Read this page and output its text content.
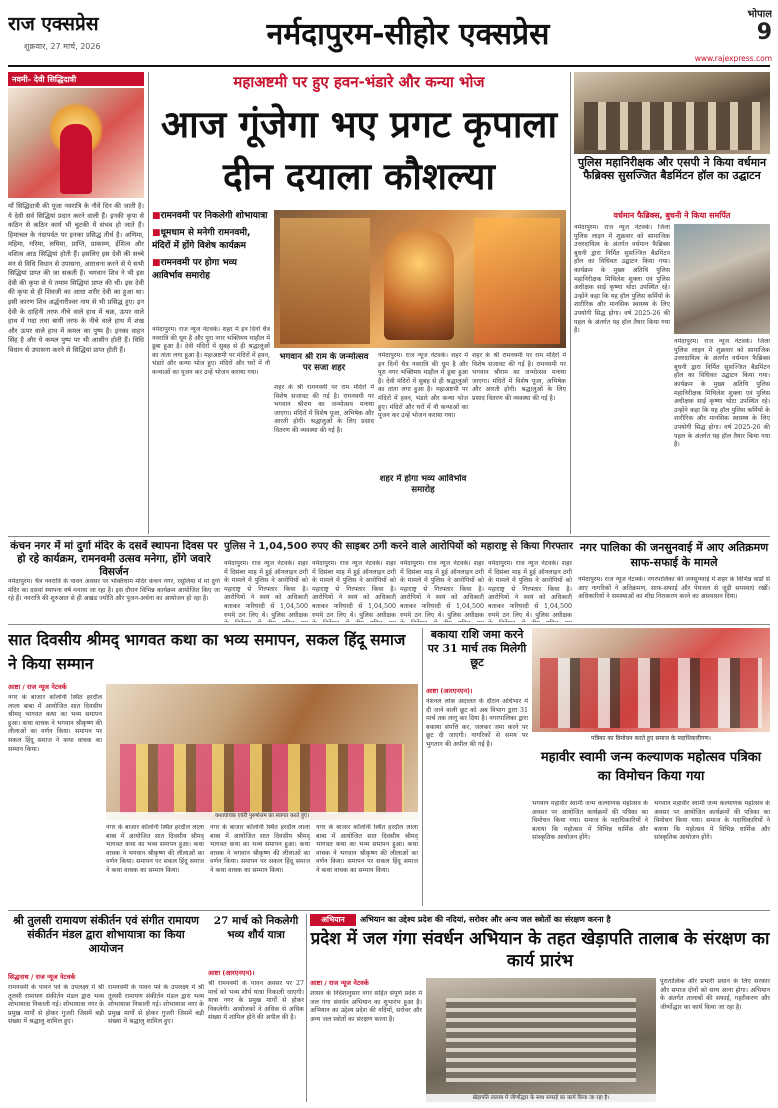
राज एक्सप्रेस
शुक्रवार, 27 मार्च, 2026	नर्मदापुरम-सीहोर एक्सप्रेस
भोपाल
9
www.rajexpress.com
नवमी- देवी सिद्धिदात्री
माँ सिद्धिदात्री की पूजा नवरात्रि के नौवें दिन की जाती है। ये देवी सर्व सिद्धियां प्रदान करने वाली हैं। इनकी कृपा से कठिन से कठिन कार्य भी चुटकी में संभव हो जाते हैं। हिमाचल के नंदापर्वत पर इनका प्रसिद्ध तीर्थ है। अणिमा, महिमा, गरिमा, लघिमा, प्राप्ति, प्राकाम्य, ईशित्व और वशित्व आठ सिद्धियां होती हैं। इसलिए इस देवी की सच्चे मन से विधि विधान से उपासना, आराधना करने से ये सभी सिद्धियां प्राप्त की जा सकती हैं। भगवान शिव ने भी इस देवी की कृपा से ये तमाम सिद्धियां प्राप्त की थीं। इस देवी की कृपा से ही शिवजी का आधा शरीर देवी का हुआ था। इसी कारण शिव अर्द्धनारीश्वर नाम से भी प्रसिद्ध हुए। इन देवी के दाहिनी तरफ नीचे वाले हाथ में चक्र, ऊपर वाले हाथ में गदा तथा बायीं तरफ के नीचे वाले हाथ में शंख और ऊपर वाले हाथ में कमल का पुष्प है। इनका वाहन सिंह है और ये कमल पुष्प पर भी आसीन होती हैं। विधि विधान से उपासना करने से सिद्धियां प्राप्त होती हैं।
महाअष्टमी पर हुए हवन-भंडारे और कन्या भोज
आज गूंजेगा भए प्रगट कृपाला दीन दयाला कौशल्या
■ रामनवमी पर निकलेगी शोभायात्रा
■ धूमधाम से मनेगी रामनवमी, मंदिरों में होंगे विशेष कार्यक्रम
■ रामनवमी पर होगा भव्य आविर्भाव समारोह
नर्मदापुरम। राज न्यूज नेटवर्क। शहर में इन दिनों चैत्र नवरात्रि की धूम है और पूरा नगर भक्तिमय माहौल में डूबा हुआ है। देवी मंदिरों में सुबह से ही श्रद्धालुओं का तांता लगा हुआ है। महाअष्टमी पर मंदिरों में हवन, भंडारे और कन्या भोज हुए। मंदिरों और घरों में नौ कन्याओं का पूजन कर उन्हें भोजन कराया गया।
भगवान श्री राम के जन्मोत्सव पर सजा शहर
शहर के श्री रामनवमी पर राम मंदिरों में विशेष सजावट की गई है। रामनवमी पर भगवान श्रीराम का जन्मोत्सव मनाया जाएगा। मंदिरों में विशेष पूजा, अभिषेक और आरती होगी। श्रद्धालुओं के लिए प्रसाद वितरण की व्यवस्था की गई है।
नर्मदापुरम। राज न्यूज नेटवर्क। शहर में इन दिनों चैत्र नवरात्रि की धूम है और पूरा नगर भक्तिमय माहौल में डूबा हुआ है। देवी मंदिरों में सुबह से ही श्रद्धालुओं का तांता लगा हुआ है। महाअष्टमी पर मंदिरों में हवन, भंडारे और कन्या भोज हुए। मंदिरों और घरों में नौ कन्याओं का पूजन कर उन्हें भोजन कराया गया।
शहर में होगा भव्य आविर्भाव समारोह
शहर के श्री रामनवमी पर राम मंदिरों में विशेष सजावट की गई है। रामनवमी पर भगवान श्रीराम का जन्मोत्सव मनाया जाएगा। मंदिरों में विशेष पूजा, अभिषेक और आरती होगी। श्रद्धालुओं के लिए प्रसाद वितरण की व्यवस्था की गई है।
पुलिस महानिरीक्षक और एसपी ने किया वर्धमान फैब्रिक्स सुसज्जित बैडमिंटन हॉल का उद्घाटन
वर्धमान फैब्रिक्स, बुधनी ने किया समर्पित
नर्मदापुरम। राज न्यूज नेटवर्क। जिला पुलिस लाइन में शुक्रवार को सामाजिक उत्तरदायित्व के अंतर्गत वर्धमान फैब्रिक्स बुधनी द्वारा निर्मित सुसज्जित बैडमिंटन हॉल का विधिवत उद्घाटन किया गया। कार्यक्रम के मुख्य अतिथि पुलिस महानिरीक्षक मिथिलेश शुक्ला एवं पुलिस अधीक्षक साई कृष्णा थोटा उपस्थित रहे। उन्होंने कहा कि यह हॉल पुलिस कर्मियों के शारीरिक और मानसिक स्वास्थ्य के लिए उपयोगी सिद्ध होगा। वर्ष 2025-26 की पहल के अंतर्गत यह हॉल तैयार किया गया है।
नर्मदापुरम। राज न्यूज नेटवर्क। जिला पुलिस लाइन में शुक्रवार को सामाजिक उत्तरदायित्व के अंतर्गत वर्धमान फैब्रिक्स बुधनी द्वारा निर्मित सुसज्जित बैडमिंटन हॉल का विधिवत उद्घाटन किया गया। कार्यक्रम के मुख्य अतिथि पुलिस महानिरीक्षक मिथिलेश शुक्ला एवं पुलिस अधीक्षक साई कृष्णा थोटा उपस्थित रहे। उन्होंने कहा कि यह हॉल पुलिस कर्मियों के शारीरिक और मानसिक स्वास्थ्य के लिए उपयोगी सिद्ध होगा। वर्ष 2025-26 की पहल के अंतर्गत यह हॉल तैयार किया गया है।
कंचन नगर में मां दुर्गा मंदिर के दसवें स्थापना दिवस पर हो रहे कार्यक्रम, रामनवमी उत्सव मनेगा, होंगे जवारे विसर्जन
नर्मदापुरम। चैत्र नवरात्रि के पावन अवसर पर भक्तिधाम मंदिर कंचन नगर, रसूलिया में मां दुर्गा मंदिर का दसवां स्थापना वर्ष मनाया जा रहा है। इस दौरान विभिन्न कार्यक्रम आयोजित किए जा रहे हैं। नवरात्रि की शुरुआत से ही अखंड ज्योति और पूजन-अर्चना का आयोजन हो रहा है।
पुलिस ने 1,04,500 रुपए की साइबर ठगी करने वाले आरोपियों को महाराष्ट्र से किया गिरफ्तार
नर्मदापुरम। राज न्यूज नेटवर्क। शहर में दिसंबर माह में हुई ऑनलाइन ठगी के मामले में पुलिस ने आरोपियों को महाराष्ट्र से गिरफ्तार किया है। आरोपियों ने स्वयं को अधिकारी बताकर फरियादी से 1,04,500 रुपये ठग लिए थे। पुलिस अधीक्षक
नर्मदापुरम। राज न्यूज नेटवर्क। शहर में दिसंबर माह में हुई ऑनलाइन ठगी के मामले में पुलिस ने आरोपियों को महाराष्ट्र से गिरफ्तार किया है। आरोपियों ने स्वयं को अधिकारी बताकर फरियादी से 1,04,500 रुपये ठग लिए थे। पुलिस अधीक्षक
नर्मदापुरम। राज न्यूज नेटवर्क। शहर में दिसंबर माह में हुई ऑनलाइन ठगी के मामले में पुलिस ने आरोपियों को महाराष्ट्र से गिरफ्तार किया है। आरोपियों ने स्वयं को अधिकारी बताकर फरियादी से 1,04,500 रुपये ठग लिए थे। पुलिस अधीक्षक
नर्मदापुरम। राज न्यूज नेटवर्क। शहर में दिसंबर माह में हुई ऑनलाइन ठगी के मामले में पुलिस ने आरोपियों को महाराष्ट्र से गिरफ्तार किया है। आरोपियों ने स्वयं को अधिकारी बताकर फरियादी से 1,04,500 रुपये ठग लिए थे। पुलिस अधीक्षक
नगर पालिका की जनसुनवाई में आए अतिक्रमण साफ-सफाई के मामले
नर्मदापुरम। राज न्यूज नेटवर्क। नगरपालिका की जनसुनवाई में शहर के विभिन्न वार्डों से आए नागरिकों ने अतिक्रमण, साफ-सफाई और पेयजल से जुड़ी समस्याएं रखीं। अधिकारियों ने समस्याओं का शीघ्र निराकरण करने का आश्वासन दिया।
सात दिवसीय श्रीमद् भागवत कथा का भव्य समापन, सकल हिंदू समाज ने किया सम्मान
आष्टा / राज न्यूज नेटवर्क
नगर के बाजार कॉलोनी स्थित हरदौल लाला बाबा में आयोजित सात दिवसीय श्रीमद् भागवत कथा का भव्य समापन हुआ। कथा वाचक ने भगवान श्रीकृष्ण की लीलाओं का वर्णन किया। समापन पर सकल हिंदू समाज ने कथा वाचक का सम्मान किया।
कथावाचक एवंरी पुरुषोत्तम का स्वागत करते हुए।
नगर के बाजार कॉलोनी स्थित हरदौल लाला बाबा में आयोजित सात दिवसीय श्रीमद् भागवत कथा का भव्य समापन हुआ। कथा वाचक ने भगवान श्रीकृष्ण की लीलाओं का वर्णन किया। समापन पर सकल हिंदू समाज ने कथा वाचक का सम्मान किया।
नगर के बाजार कॉलोनी स्थित हरदौल लाला बाबा में आयोजित सात दिवसीय श्रीमद् भागवत कथा का भव्य समापन हुआ। कथा वाचक ने भगवान श्रीकृष्ण की लीलाओं का वर्णन किया। समापन पर सकल हिंदू समाज ने कथा वाचक का सम्मान किया।
नगर के बाजार कॉलोनी स्थित हरदौल लाला बाबा में आयोजित सात दिवसीय श्रीमद् भागवत कथा का भव्य समापन हुआ। कथा वाचक ने भगवान श्रीकृष्ण की लीलाओं का वर्णन किया। समापन पर सकल हिंदू समाज ने कथा वाचक का सम्मान किया।
बकाया राशि जमा करने पर 31 मार्च तक मिलेगी छूट
आष्टा (आरएनएन)।
नेशनल लोक अदालत के दौरान अधिभार में दी जाने वाली छूट को अब विभाग द्वारा 31 मार्च तक लागू कर दिया है। नगरपालिका द्वारा बकाया संपत्ति कर, जलकर जमा करने पर छूट दी जाएगी। नागरिकों से समय पर भुगतान की अपील की गई है।
पत्रिका का विमोचन करते हुए समाज के पदाधिकारीगण।
महावीर स्वामी जन्म कल्याणक महोत्सव पत्रिका का विमोचन किया गया
भगवान महावीर स्वामी जन्म कल्याणक महोत्सव के अवसर पर आयोजित कार्यक्रमों की पत्रिका का विमोचन किया गया। समाज के पदाधिकारियों ने बताया कि महोत्सव में विभिन्न धार्मिक और सांस्कृतिक आयोजन होंगे।
भगवान महावीर स्वामी जन्म कल्याणक महोत्सव के अवसर पर आयोजित कार्यक्रमों की पत्रिका का विमोचन किया गया। समाज के पदाधिकारियों ने बताया कि महोत्सव में विभिन्न धार्मिक और सांस्कृतिक आयोजन होंगे।
श्री तुलसी रामायण संकीर्तन एवं संगीत रामायण संकीर्तन मंडल द्वारा शोभायात्रा का किया आयोजन
सिद्धनाथ / राज न्यूज नेटवर्क
रामनवमी के पावन पर्व के उपलक्ष्य में श्री तुलसी रामायण संकीर्तन मंडल द्वारा भव्य शोभायात्रा निकाली गई। शोभायात्रा नगर के प्रमुख मार्गों से होकर गुजरी जिसमें बड़ी संख्या में श्रद्धालु शामिल हुए।
रामनवमी के पावन पर्व के उपलक्ष्य में श्री तुलसी रामायण संकीर्तन मंडल द्वारा भव्य शोभायात्रा निकाली गई। शोभायात्रा नगर के प्रमुख मार्गों से होकर गुजरी जिसमें बड़ी संख्या में श्रद्धालु शामिल हुए।
27 मार्च को निकलेगी भव्य शौर्य यात्रा
आष्टा (आरएनएन)।
श्री रामनवमी के पावन अवसर पर 27 मार्च को भव्य शौर्य यात्रा निकाली जाएगी। यात्रा नगर के प्रमुख मार्गों से होकर निकलेगी। आयोजकों ने अधिक से अधिक संख्या में शामिल होने की अपील की है।
अभियान	अभियान का उद्देश्य प्रदेश की नदियां, सरोवर और अन्य जल स्त्रोतों का संरक्षण करना है
प्रदेश में जल गंगा संवर्धन अभियान के तहत खेड़ापति तालाब के संरक्षण का कार्य प्रारंभ
आष्टा / राज न्यूज नेटवर्क
शासन के निर्देशानुसार नगर सहित संपूर्ण प्रदेश में जल गंगा संवर्धन अभियान का शुभारंभ हुआ है। अभियान का उद्देश्य प्रदेश की नदियों, सरोवर और अन्य जल स्त्रोतों का संरक्षण करना है।
खेड़ापति तालाब में जीर्णोद्धार के साथ सफाई का कार्य किया जा रहा है।
पुरातात्विक और प्रभारी प्रधान के लिए सरकार और समाज दोनों को साथ आना होगा। अभियान के अंतर्गत तालाबों की सफाई, गहरीकरण और जीर्णोद्धार का कार्य किया जा रहा है।
